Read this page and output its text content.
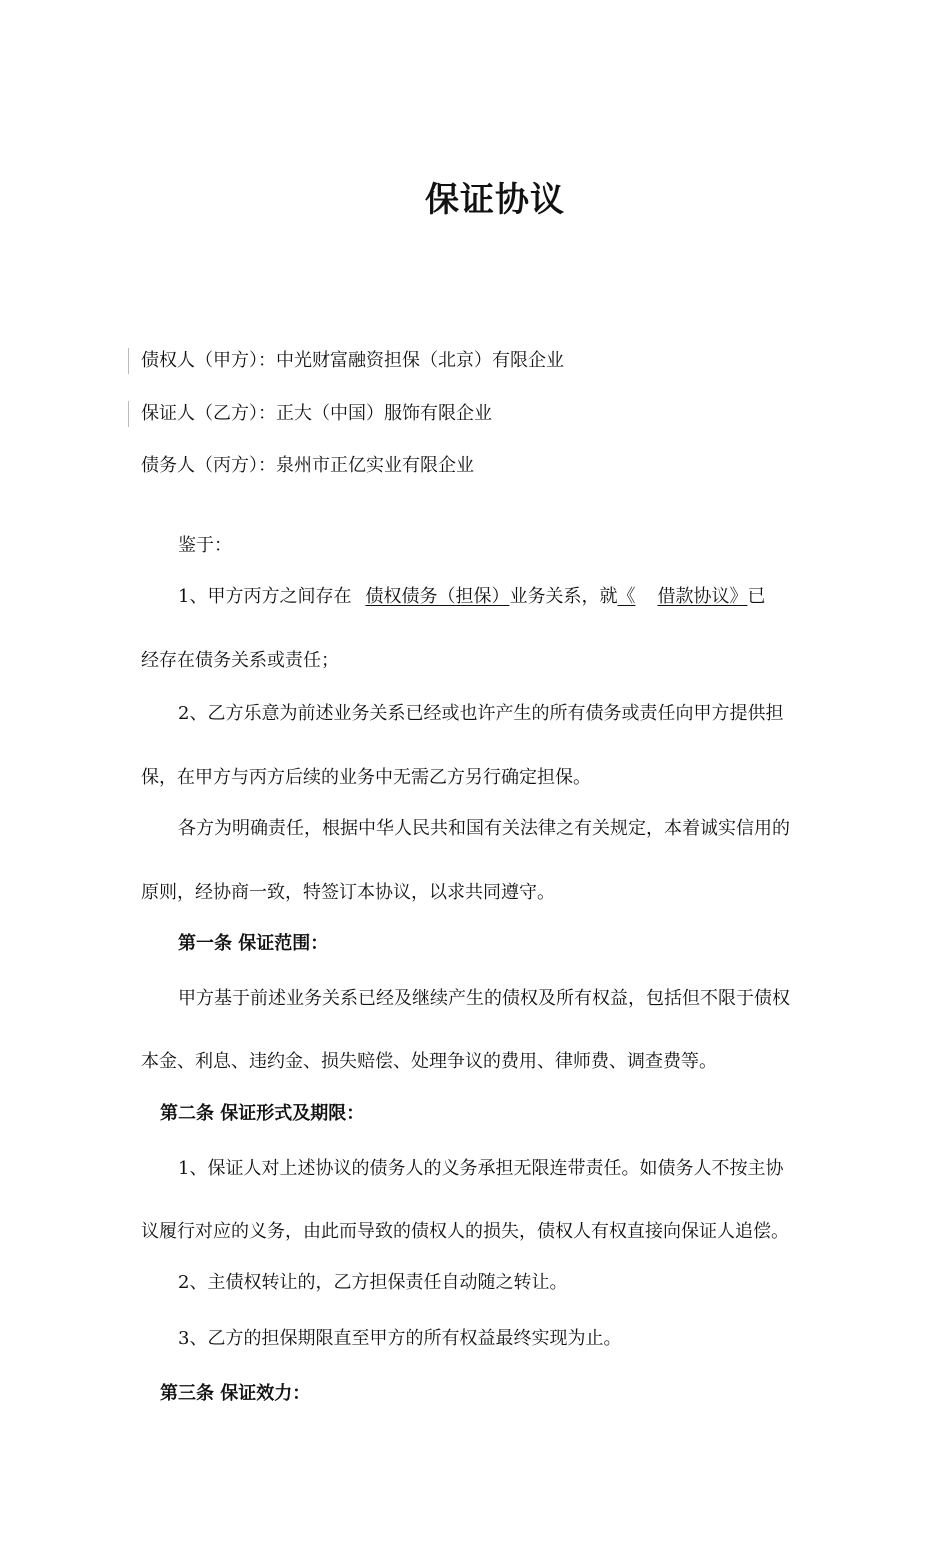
保证协议
债权人（甲方）：中光财富融资担保（北京）有限企业
保证人（乙方）：正大（中国）服饰有限企业
债务人（丙方）：泉州市正亿实业有限企业
鉴于：
1、甲方丙方之间存在 债权债务（担保）业务关系，就《 借款协议》已
经存在债务关系或责任；
2、乙方乐意为前述业务关系已经或也许产生的所有债务或责任向甲方提供担
保，在甲方与丙方后续的业务中无需乙方另行确定担保。
各方为明确责任，根据中华人民共和国有关法律之有关规定，本着诚实信用的
原则，经协商一致，特签订本协议，以求共同遵守。
第一条 保证范围：
甲方基于前述业务关系已经及继续产生的债权及所有权益，包括但不限于债权
本金、利息、违约金、损失赔偿、处理争议的费用、律师费、调查费等。
第二条 保证形式及期限：
1、保证人对上述协议的债务人的义务承担无限连带责任。如债务人不按主协
议履行对应的义务，由此而导致的债权人的损失，债权人有权直接向保证人追偿。
2、主债权转让的，乙方担保责任自动随之转让。
3、乙方的担保期限直至甲方的所有权益最终实现为止。
第三条 保证效力：
